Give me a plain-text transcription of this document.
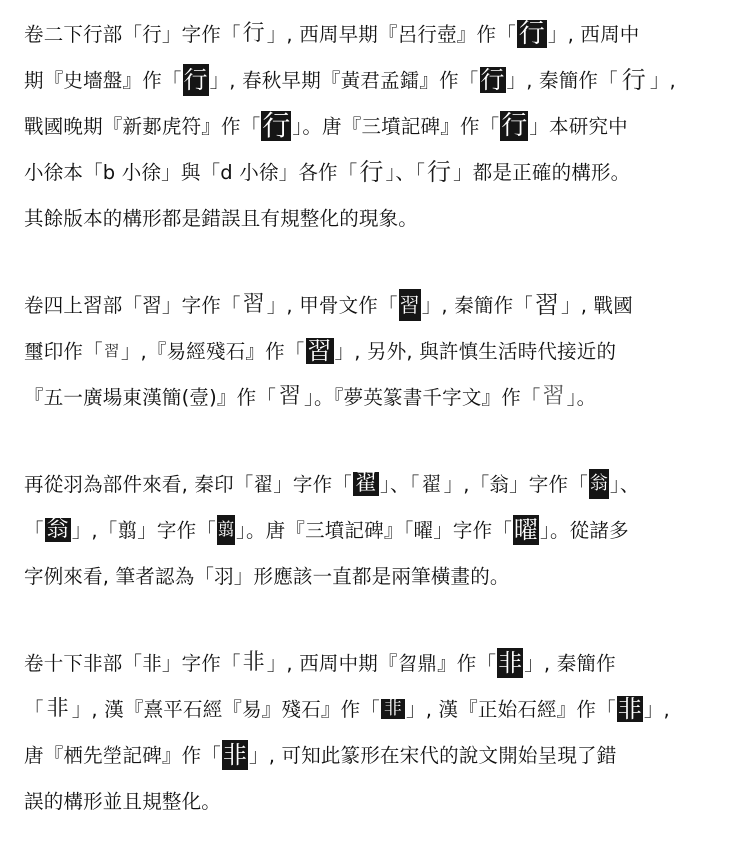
卷二下行部「行」字作「 行 」, 西周早期『呂行壺』作「 行 」, 西周中
期『史墻盤』作「 行 」, 春秋早期『黃君孟鐳』作「 行 」, 秦簡作「 行 」,
戰國晚期『新郪虎符』作「 行 」。唐『三墳記碑』作「 行 」本研究中
小徐本「b 小徐」與「d 小徐」各作「 行 」、「 行 」都是正確的構形。
其餘版本的構形都是錯誤且有規整化的現象。
卷四上習部「習」字作「 習 」, 甲骨文作「 習 」, 秦簡作「 習 」, 戰國
璽印作「 習 」,『易經殘石』作「 習 」, 另外, 與許慎生活時代接近的
『五一廣場東漢簡(壹)』作「 習 」。『夢英篆書千字文』作「 習 」。
再從羽為部件來看, 秦印「翟」字作「 翟 」、「 翟 」,「翁」字作「 翁 」、
「 翁 」,「翦」字作「 翦 」。唐『三墳記碑』「曜」字作「 曜 」。從諸多
字例來看, 筆者認為「羽」形應該一直都是兩筆橫畫的。
卷十下非部「非」字作「 非 」, 西周中期『曶鼎』作「 非 」, 秦簡作
「 非 」, 漢『熹平石經『易』殘石』作「 非 」, 漢『正始石經』作「 非 」,
唐『栖先塋記碑』作「 非 」, 可知此篆形在宋代的說文開始呈現了錯
誤的構形並且規整化。
